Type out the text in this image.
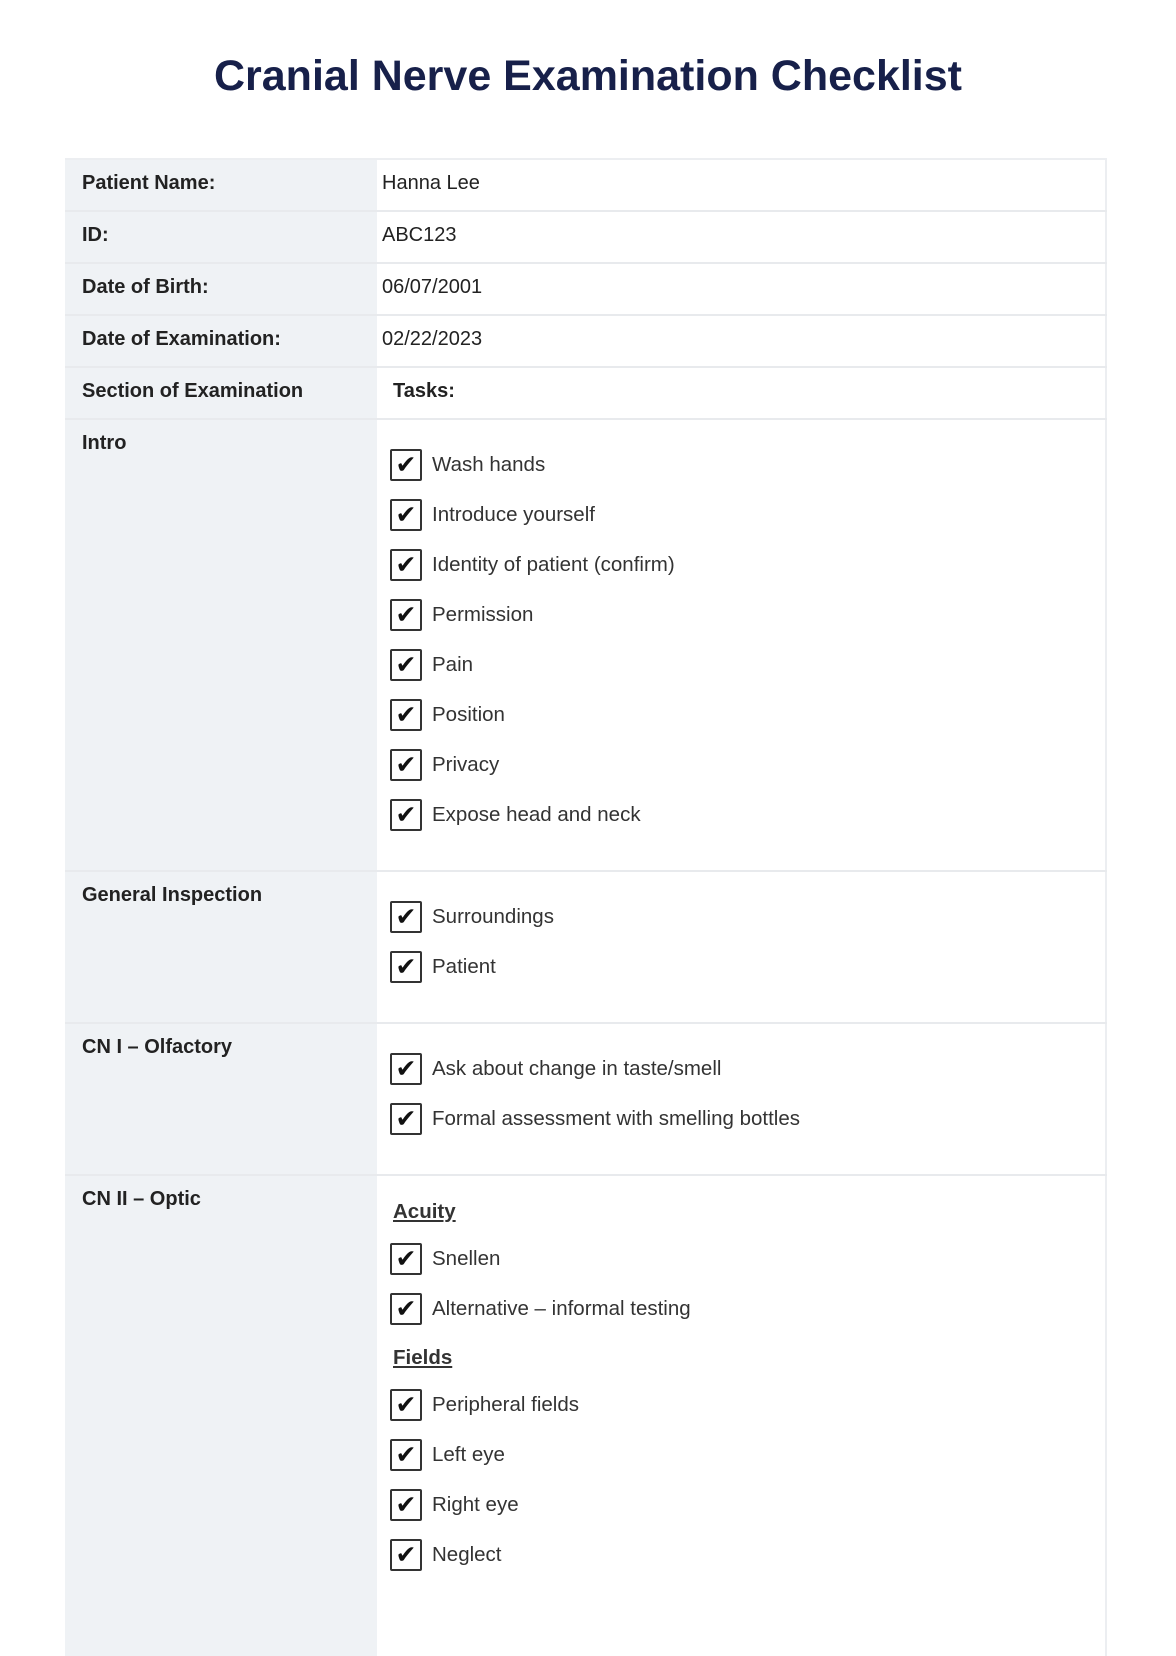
Cranial Nerve Examination Checklist
Patient Name:	Hanna Lee
ID:	ABC123
Date of Birth:	06/07/2001
Date of Examination:	02/22/2023
Section of Examination	Tasks:
Intro
✔ Wash hands
✔ Introduce yourself
✔ Identity of patient (confirm)
✔ Permission
✔ Pain
✔ Position
✔ Privacy
✔ Expose head and neck
General Inspection
✔ Surroundings
✔ Patient
CN I – Olfactory
✔ Ask about change in taste/smell
✔ Formal assessment with smelling bottles
CN II – Optic
Acuity
✔ Snellen
✔ Alternative – informal testing
Fields
✔ Peripheral fields
✔ Left eye
✔ Right eye
✔ Neglect
